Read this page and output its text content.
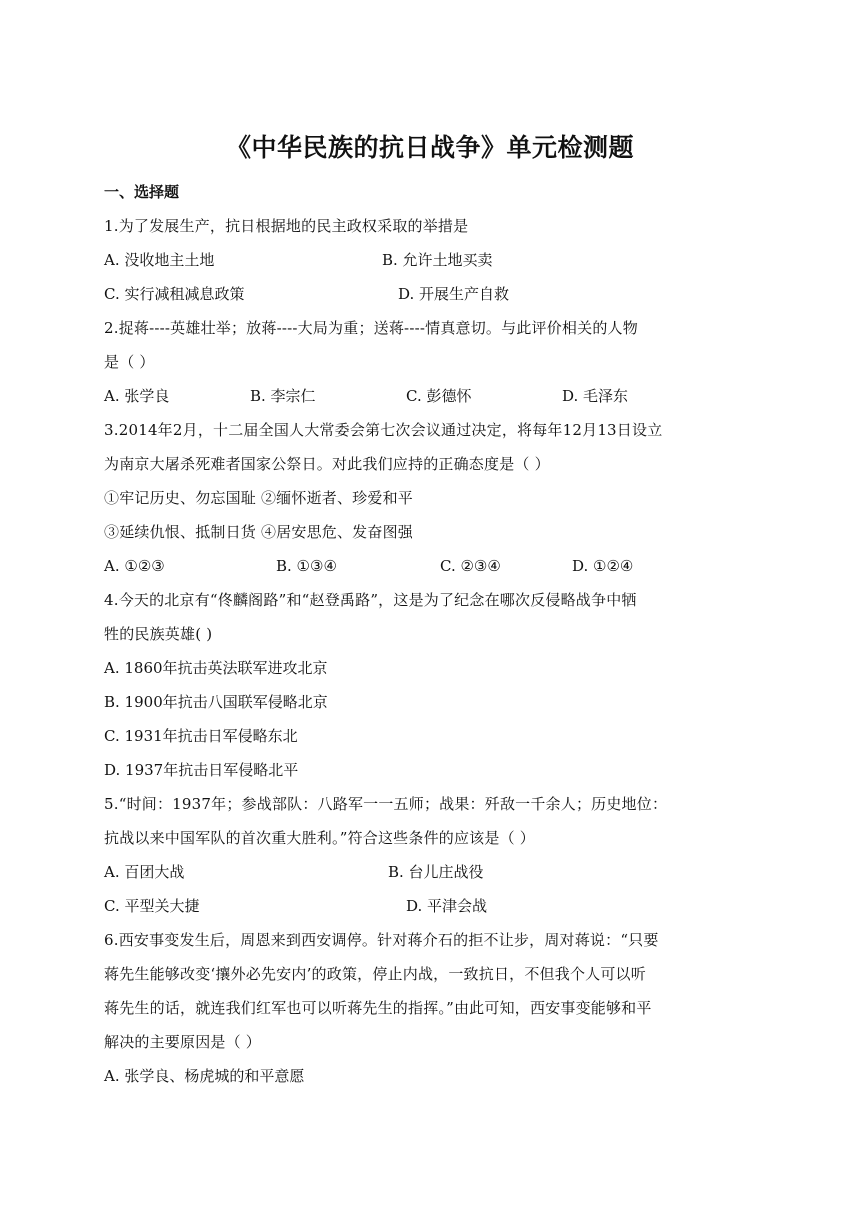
《中华民族的抗日战争》单元检测题
一、选择题
1.为了发展生产，抗日根据地的民主政权采取的举措是
A. 没收地主土地	B. 允许土地买卖
C. 实行减租减息政策	D. 开展生产自救
2.捉蒋----英雄壮举；放蒋----大局为重；送蒋----情真意切。与此评价相关的人物
是（ ）
A. 张学良	B. 李宗仁	C. 彭德怀	D. 毛泽东
3.2014年2月，十二届全国人大常委会第七次会议通过决定，将每年12月13日设立
为南京大屠杀死难者国家公祭日。对此我们应持的正确态度是（ ）
①牢记历史、勿忘国耻 ②缅怀逝者、珍爱和平
③延续仇恨、抵制日货 ④居安思危、发奋图强
A. ①②③	B. ①③④	C. ②③④	D. ①②④
4.今天的北京有“佟麟阁路”和“赵登禹路”，这是为了纪念在哪次反侵略战争中牺
牲的民族英雄( )
A. 1860年抗击英法联军进攻北京
B. 1900年抗击八国联军侵略北京
C. 1931年抗击日军侵略东北
D. 1937年抗击日军侵略北平
5.“时间：1937年；参战部队：八路军一一五师；战果：歼敌一千余人；历史地位：
抗战以来中国军队的首次重大胜利。”符合这些条件的应该是（ ）
A. 百团大战	B. 台儿庄战役
C. 平型关大捷	D. 平津会战
6.西安事变发生后，周恩来到西安调停。针对蒋介石的拒不让步，周对蒋说：“只要
蒋先生能够改变‘攘外必先安内’的政策，停止内战，一致抗日，不但我个人可以听
蒋先生的话，就连我们红军也可以听蒋先生的指挥。”由此可知，西安事变能够和平
解决的主要原因是（ ）
A. 张学良、杨虎城的和平意愿
